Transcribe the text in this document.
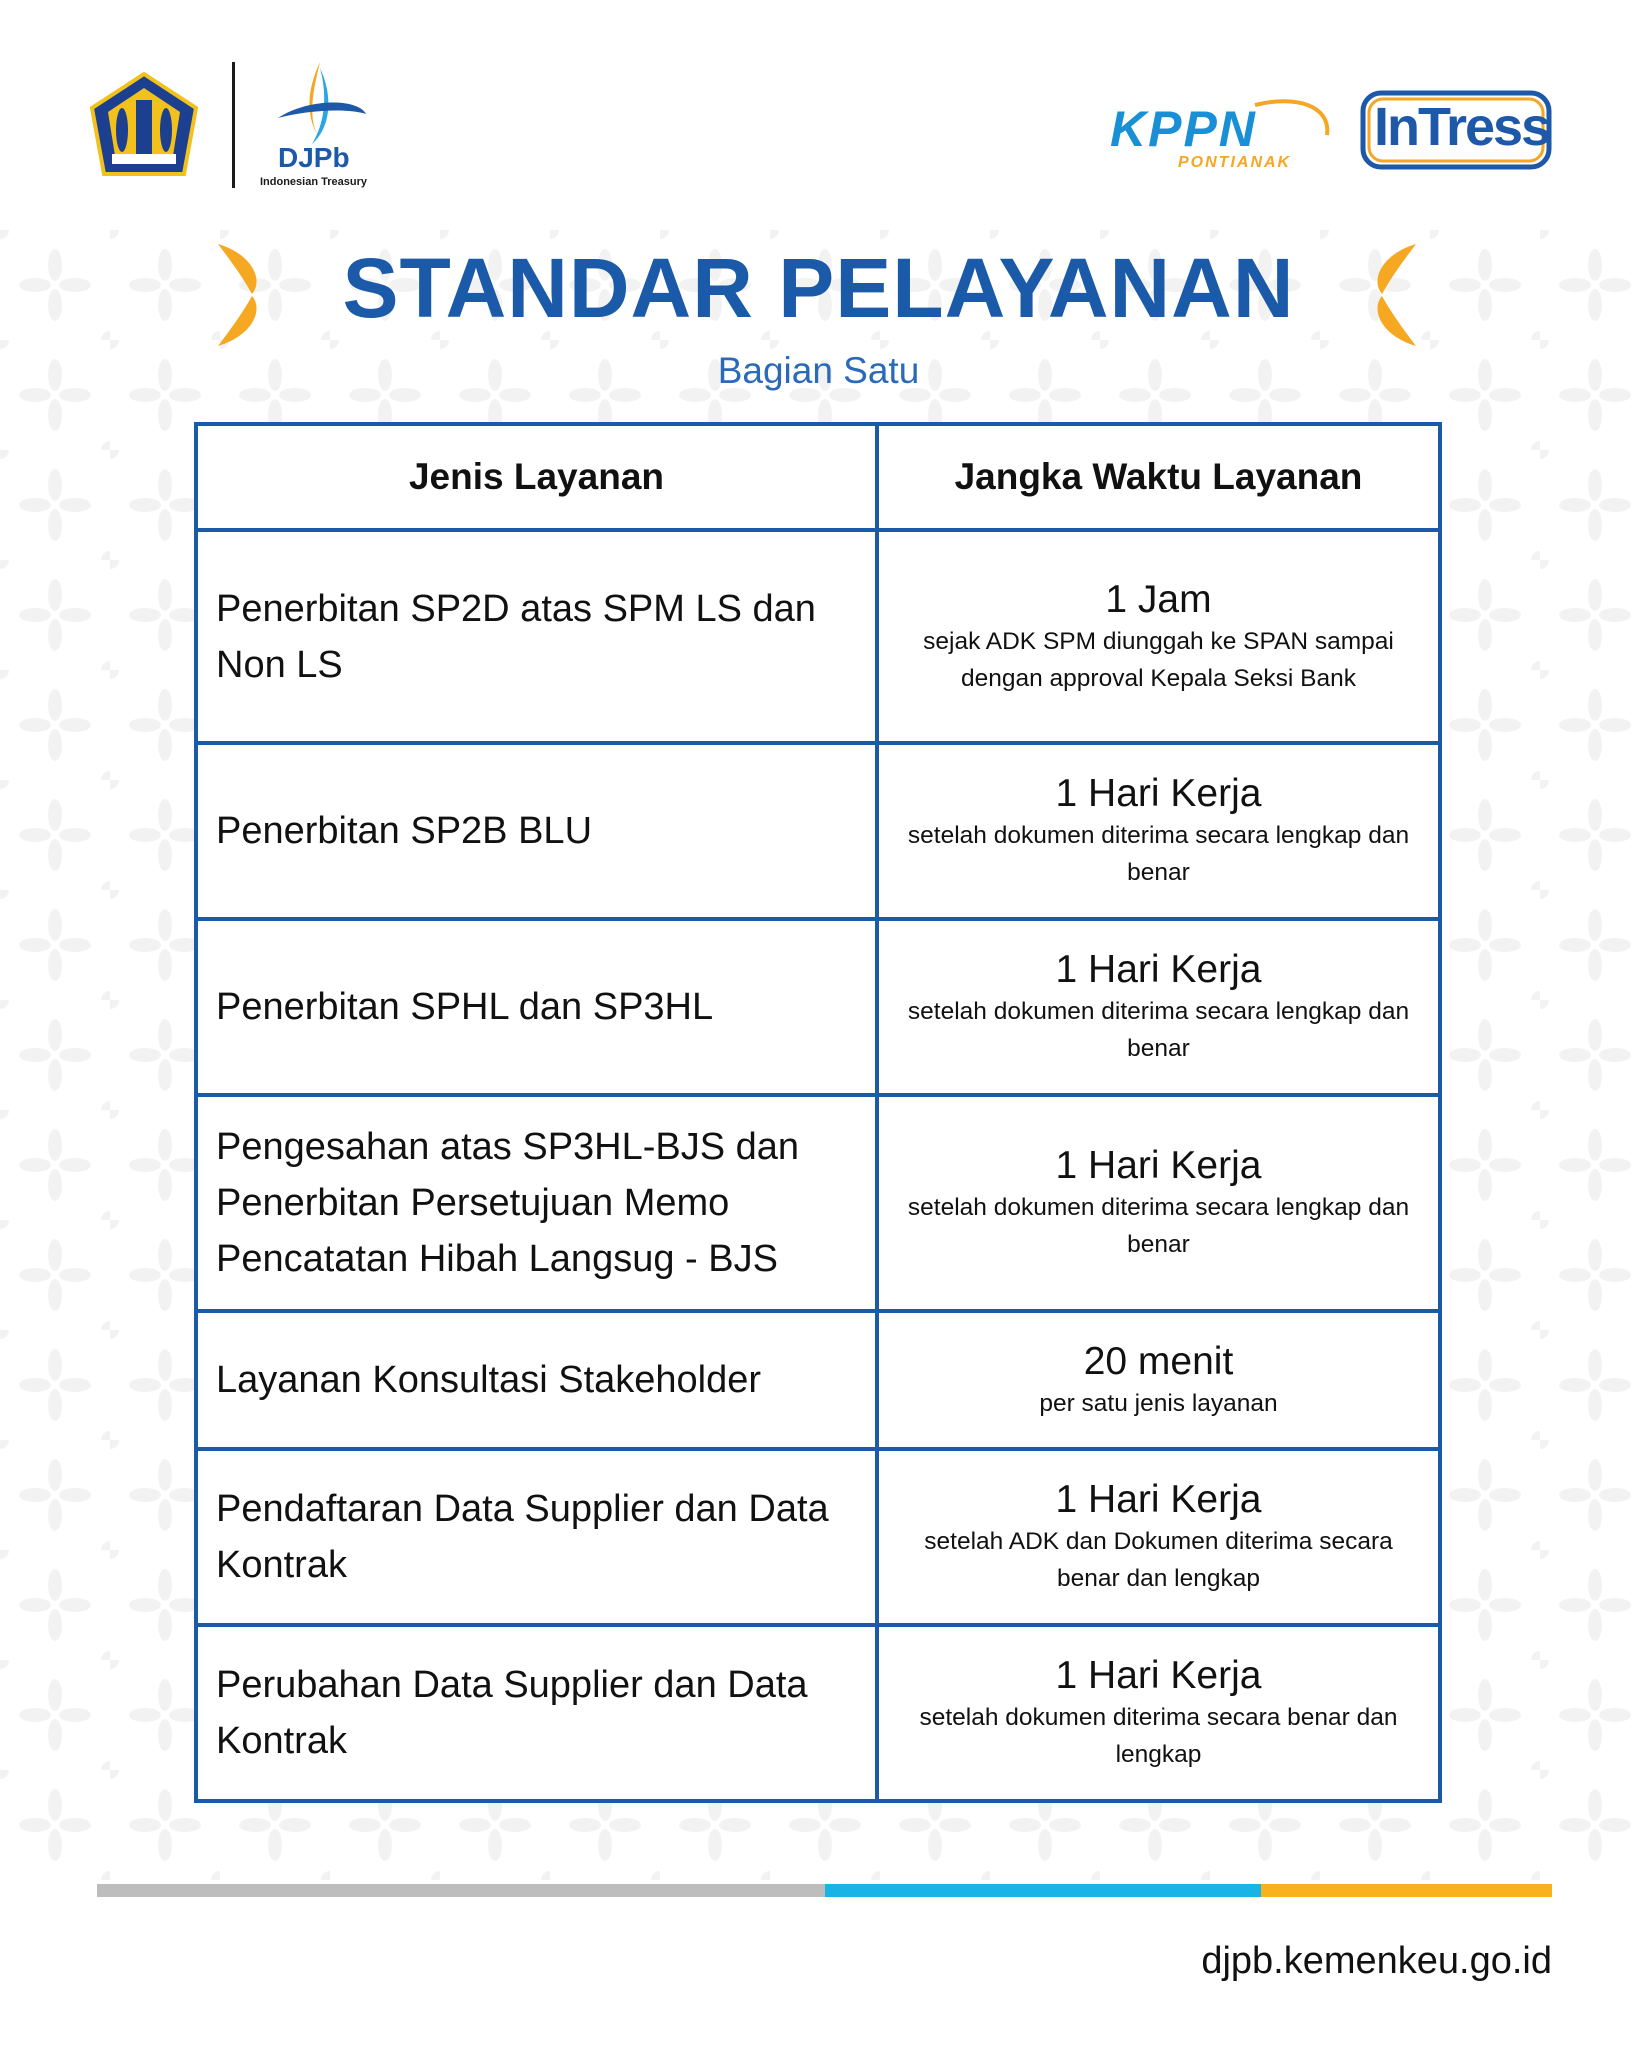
DJPb
Indonesian Treasury
KPPN
PONTIANAK
InTress
STANDAR PELAYANAN
Bagian Satu
Jenis Layanan	Jangka Waktu Layanan
Penerbitan SP2D atas SPM LS dan Non LS	1 Jam
sejak ADK SPM diunggah ke SPAN sampai dengan approval Kepala Seksi Bank

Penerbitan SP2B BLU	1 Hari Kerja
setelah dokumen diterima secara lengkap dan benar

Penerbitan SPHL dan SP3HL	1 Hari Kerja
setelah dokumen diterima secara lengkap dan benar

Pengesahan atas SP3HL-BJS dan Penerbitan Persetujuan Memo Pencatatan Hibah Langsug - BJS	1 Hari Kerja
setelah dokumen diterima secara lengkap dan benar

Layanan Konsultasi Stakeholder	20 menit
per satu jenis layanan

Pendaftaran Data Supplier dan Data Kontrak	1 Hari Kerja
setelah ADK dan Dokumen diterima secara benar dan lengkap

Perubahan Data Supplier dan Data Kontrak	1 Hari Kerja
setelah dokumen diterima secara benar dan lengkap
djpb.kemenkeu.go.id
